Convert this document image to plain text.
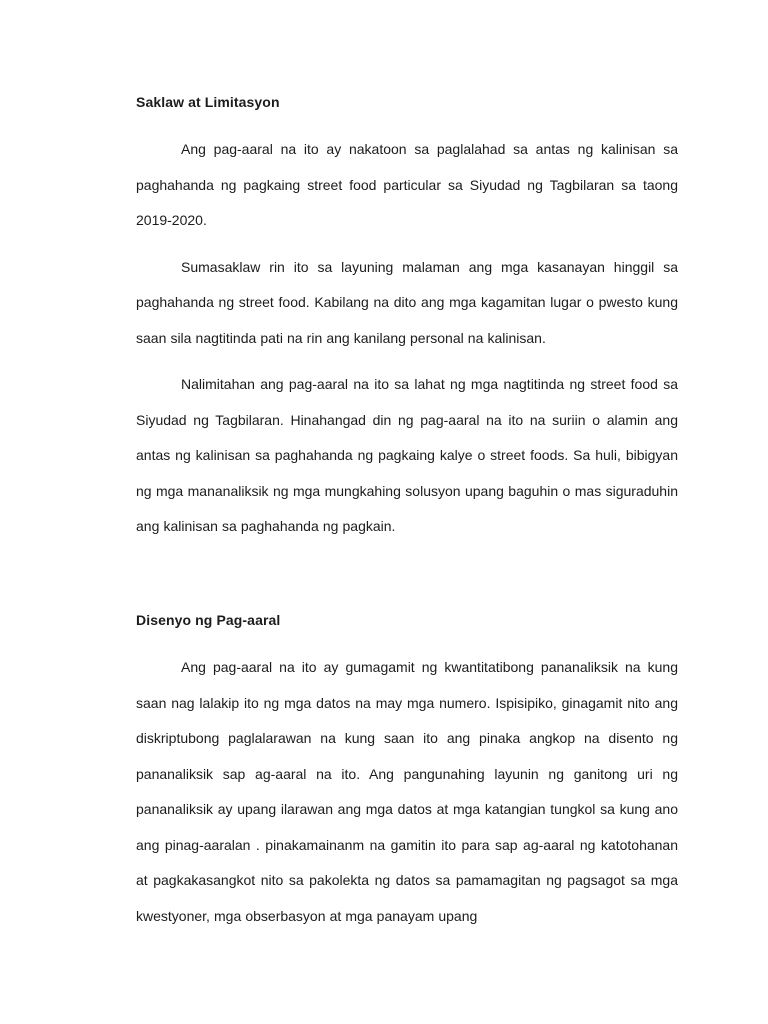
Saklaw at Limitasyon

Ang pag-aaral na ito ay nakatoon sa paglalahad sa antas ng kalinisan sa paghahanda ng pagkaing street food particular sa Siyudad ng Tagbilaran sa taong 2019-2020.

Sumasaklaw rin ito sa layuning malaman ang mga kasanayan hinggil sa paghahanda ng street food. Kabilang na dito ang mga kagamitan lugar o pwesto kung saan sila nagtitinda pati na rin ang kanilang personal na kalinisan.

Nalimitahan ang pag-aaral na ito sa lahat ng mga nagtitinda ng street food sa Siyudad ng Tagbilaran. Hinahangad din ng pag-aaral na ito na suriin o alamin ang antas ng kalinisan sa paghahanda ng pagkaing kalye o street foods. Sa huli, bibigyan ng mga mananaliksik ng mga mungkahing solusyon upang baguhin o mas siguraduhin ang kalinisan sa paghahanda ng pagkain.

Disenyo ng Pag-aaral

Ang pag-aaral na ito ay gumagamit ng kwantitatibong pananaliksik na kung saan nag lalakip ito ng mga datos na may mga numero. Ispisipiko, ginagamit nito ang diskriptubong paglalarawan na kung saan ito ang pinaka angkop na disento ng pananaliksik sap ag-aaral na ito. Ang pangunahing layunin ng ganitong uri ng pananaliksik ay upang ilarawan ang mga datos at mga katangian tungkol sa kung ano ang pinag-aaralan . pinakamainanm na gamitin ito para sap ag-aaral ng katotohanan at pagkakasangkot nito sa pakolekta ng datos sa pamamagitan ng pagsagot sa mga kwestyoner, mga obserbasyon at mga panayam upang
